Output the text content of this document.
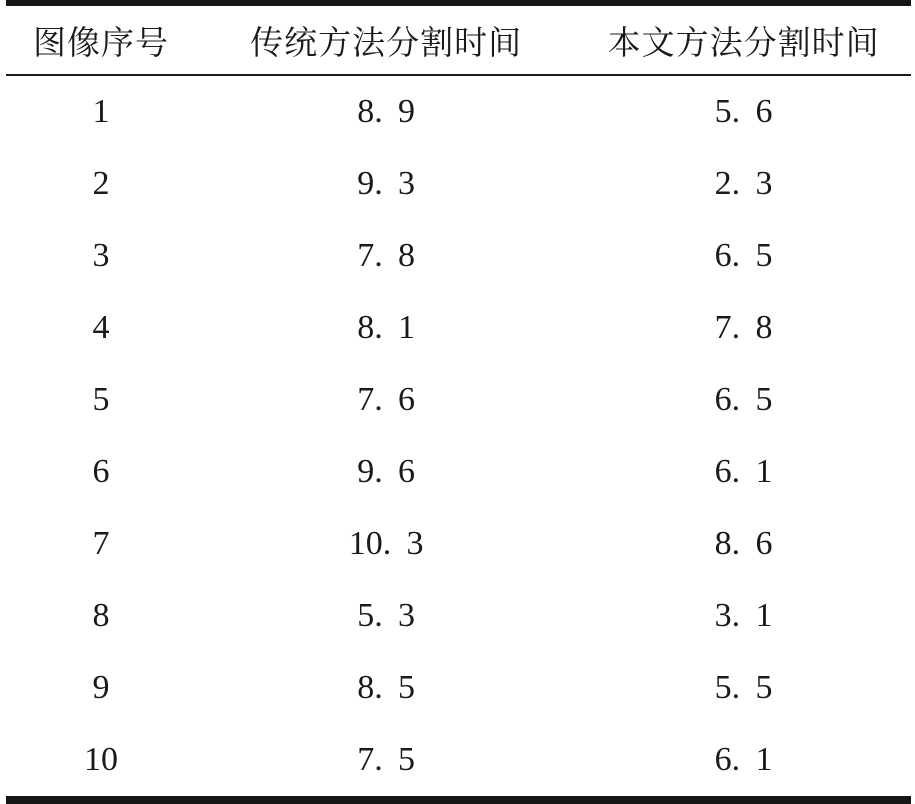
图像序号	传统方法分割时间	本文方法分割时间
1	8.  9	5.  6
2	9.  3	2.  3
3	7.  8	6.  5
4	8.  1	7.  8
5	7.  6	6.  5
6	9.  6	6.  1
7	10.  3	8.  6
8	5.  3	3.  1
9	8.  5	5.  5
10	7.  5	6.  1
